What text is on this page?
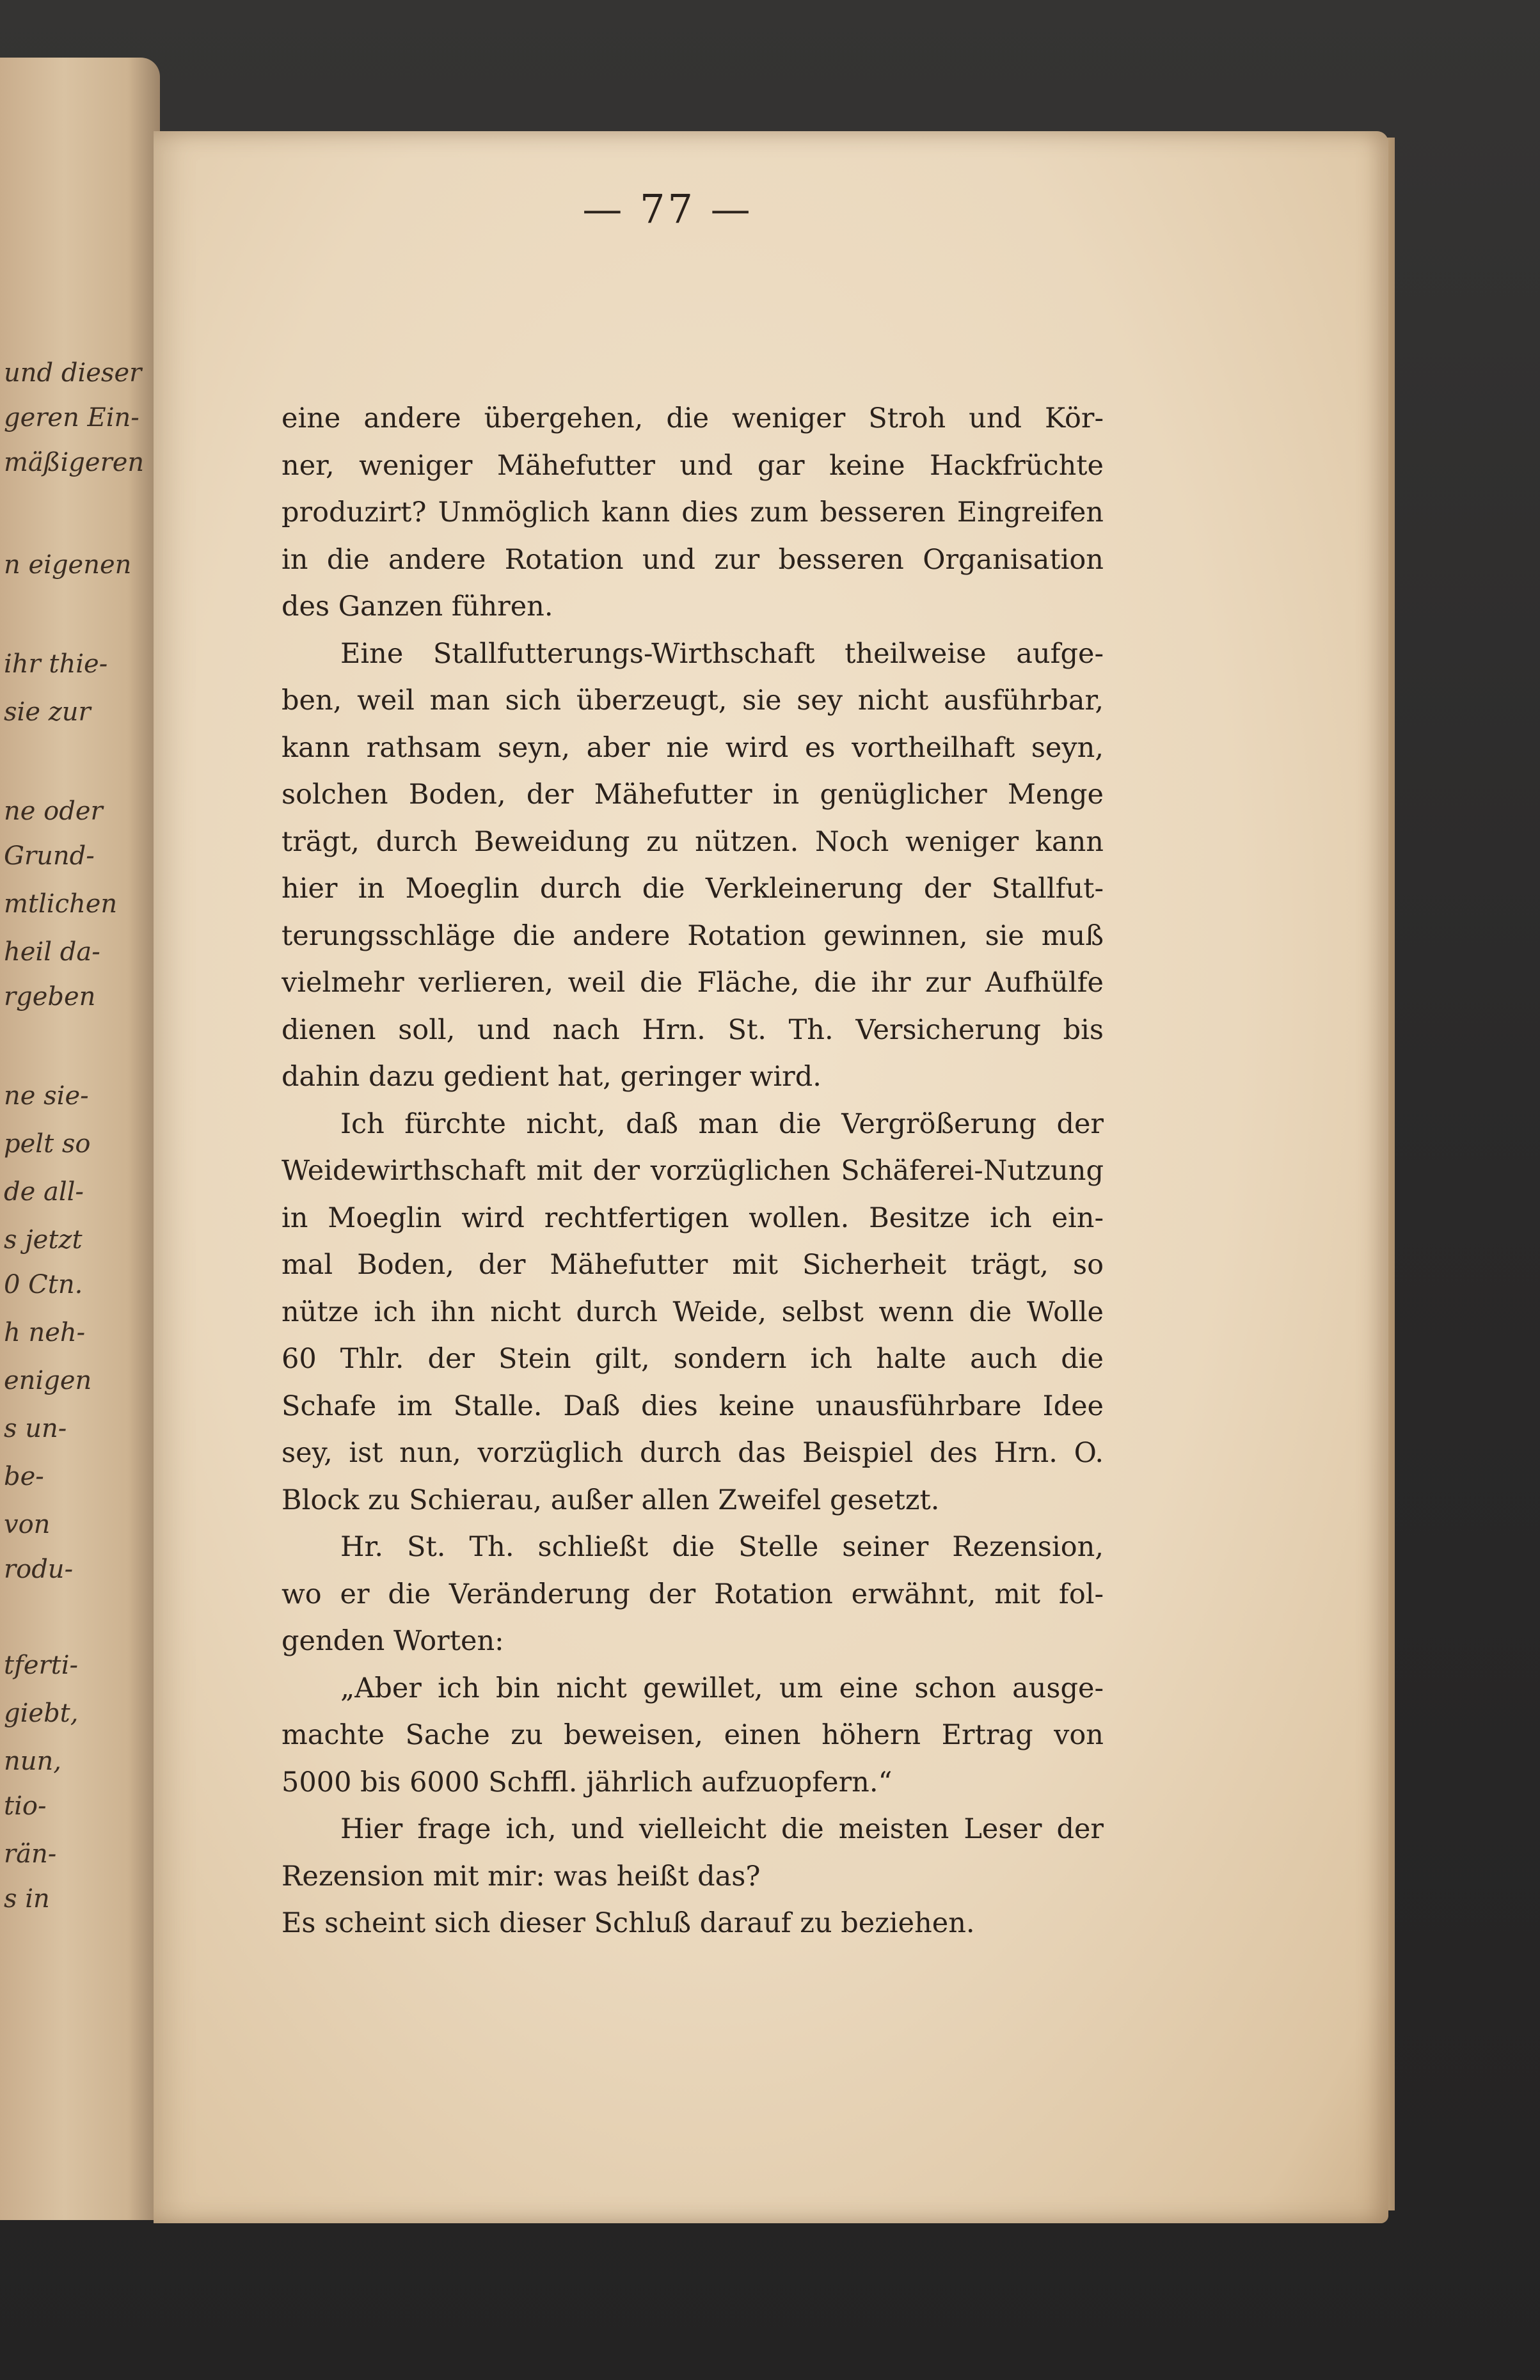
und dieser
geren Ein-
mäßigeren
n eigenen
ihr thie-
sie zur
ne oder
Grund-
mtlichen
heil da-
rgeben
ne sie-
pelt so
de all-
s jetzt
0 Ctn.
h neh-
enigen
s un-
be-
von
rodu-
tferti-
giebt,
nun,
tio-
rän-
s in
— 77 —
eine andere übergehen, die weniger Stroh und Kör-
ner, weniger Mähefutter und gar keine Hackfrüchte
produzirt? Unmöglich kann dies zum besseren Eingreifen
in die andere Rotation und zur besseren Organisation
des Ganzen führen.
Eine Stallfutterungs-Wirthschaft theilweise aufge-
ben, weil man sich überzeugt, sie sey nicht ausführbar,
kann rathsam seyn, aber nie wird es vortheilhaft seyn,
solchen Boden, der Mähefutter in genüglicher Menge
trägt, durch Beweidung zu nützen. Noch weniger kann
hier in Moeglin durch die Verkleinerung der Stallfut-
terungsschläge die andere Rotation gewinnen, sie muß
vielmehr verlieren, weil die Fläche, die ihr zur Aufhülfe
dienen soll, und nach Hrn. St. Th. Versicherung bis
dahin dazu gedient hat, geringer wird.
Ich fürchte nicht, daß man die Vergrößerung der
Weidewirthschaft mit der vorzüglichen Schäferei-Nutzung
in Moeglin wird rechtfertigen wollen. Besitze ich ein-
mal Boden, der Mähefutter mit Sicherheit trägt, so
nütze ich ihn nicht durch Weide, selbst wenn die Wolle
60 Thlr. der Stein gilt, sondern ich halte auch die
Schafe im Stalle. Daß dies keine unausführbare Idee
sey, ist nun, vorzüglich durch das Beispiel des Hrn. O.
Block zu Schierau, außer allen Zweifel gesetzt.
Hr. St. Th. schließt die Stelle seiner Rezension,
wo er die Veränderung der Rotation erwähnt, mit fol-
genden Worten:
„Aber ich bin nicht gewillet, um eine schon ausge-
machte Sache zu beweisen, einen höhern Ertrag von
5000 bis 6000 Schffl. jährlich aufzuopfern.“
Hier frage ich, und vielleicht die meisten Leser der
Rezension mit mir: was heißt das?
Es scheint sich dieser Schluß darauf zu beziehen.
